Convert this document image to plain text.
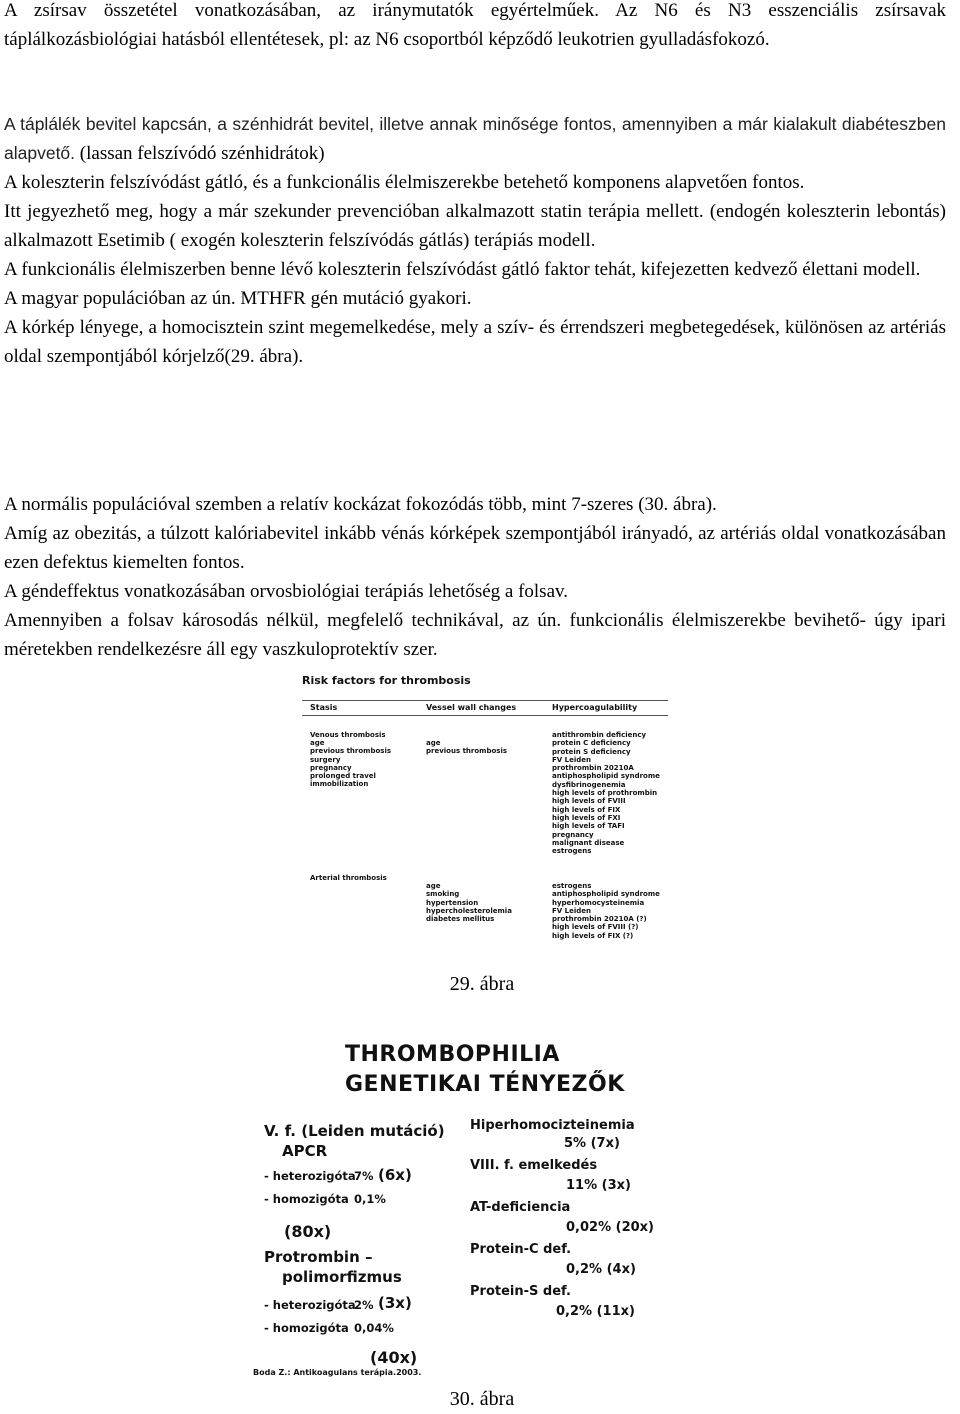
A zsírsav összetétel vonatkozásában, az iránymutatók egyértelműek. Az N6 és N3 esszenciális zsírsavak táplálkozásbiológiai hatásból ellentétesek, pl: az N6 csoportból képződő leukotrien gyulladásfokozó.

A táplálék bevitel kapcsán, a szénhidrát bevitel, illetve annak minősége fontos, amennyiben a már kialakult diabéteszben alapvető. (lassan felszívódó szénhidrátok)

A koleszterin felszívódást gátló, és a funkcionális élelmiszerekbe betehető komponens alapvetően fontos.

Itt jegyezhető meg, hogy a már szekunder prevencióban alkalmazott statin terápia mellett. (endogén koleszterin lebontás) alkalmazott Esetimib ( exogén koleszterin felszívódás gátlás) terápiás modell.

A funkcionális élelmiszerben benne lévő koleszterin felszívódást gátló faktor tehát, kifejezetten kedvező élettani modell.

A magyar populációban az ún. MTHFR gén mutáció gyakori.

A kórkép lényege, a homocisztein szint megemelkedése, mely a szív- és érrendszeri megbetegedések, különösen az artériás oldal szempontjából kórjelző(29. ábra).

A normális populációval szemben a relatív kockázat fokozódás több, mint 7-szeres (30. ábra).

Amíg az obezitás, a túlzott kalóriabevitel inkább vénás kórképek szempontjából irányadó, az artériás oldal vonatkozásában ezen defektus kiemelten fontos.

A géndeffektus vonatkozásában orvosbiológiai terápiás lehetőség a folsav.

Amennyiben a folsav károsodás nélkül, megfelelő technikával, az ún. funkcionális élelmiszerekbe bevihető- úgy ipari méretekben rendelkezésre áll egy vaszkuloprotektív szer.

Risk factors for thrombosis
Stasis	Vessel wall changes	Hypercoagulability
Venous thrombosis
age
previous thrombosis
surgery
pregnancy
prolonged travel
immobilization
age
previous thrombosis
antithrombin deficiency
protein C deficiency
protein S deficiency
FV Leiden
prothrombin 20210A
antiphospholipid syndrome
dysfibrinogenemia
high levels of prothrombin
high levels of FVIII
high levels of FIX
high levels of FXI
high levels of TAFI
pregnancy
malignant disease
estrogens
Arterial thrombosis
age
smoking
hypertension
hypercholesterolemia
diabetes mellitus
estrogens
antiphospholipid syndrome
hyperhomocysteinemia
FV Leiden
prothrombin 20210A (?)
high levels of FVIII (?)
high levels of FIX (?)
29. ábra
THROMBOPHILIA
GENETIKAI TÉNYEZŐK
V. f. (Leiden mutáció)
APCR
- heterozigóta
7% (6x)
- homozigóta 0,1%
(80x)
Protrombin –
polimorfizmus
- heterozigóta
2% (3x)
- homozigóta 0,04%
(40x)
Hiperhomocizteinemia
5% (7x)
VIII. f. emelkedés
11% (3x)
AT-deficiencia
0,02% (20x)
Protein-C def.
0,2% (4x)
Protein-S def.
0,2% (11x)
Boda Z.: Antikoagulans terápia.2003.
30. ábra
